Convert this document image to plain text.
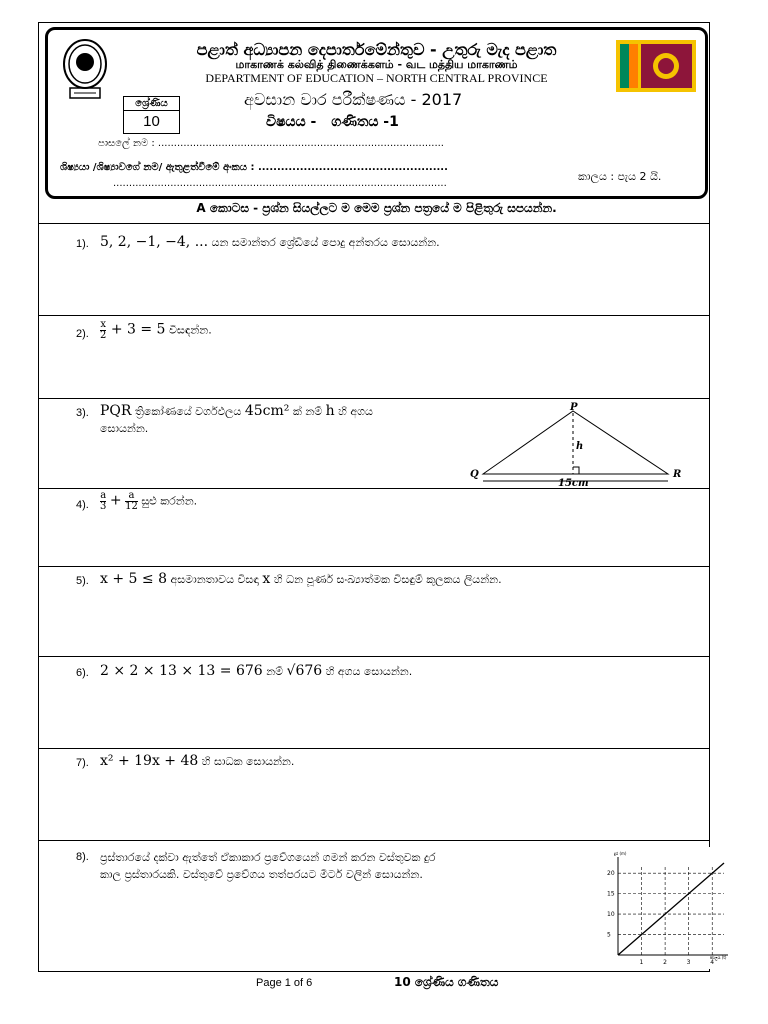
පළාත් අධ්‍යාපන දෙපාර්තමේන්තුව - උතුරු මැද පළාත
மாகாணக் கல்வித் திணைக்களம் - வட மத்திய மாகாணம்
DEPARTMENT OF EDUCATION – NORTH CENTRAL PROVINCE
ශ්‍රේණිය
10
අවසාන වාර පරීක්ෂණය - 2017
විෂයය - ගණිතය -1
පාසලේ නම : ..........................................................................................
ශිෂ්‍යයා /ශිෂ්‍යාවගේ නම/ ඇතුළත්වීමේ අංකය : ..................................................
.........................................................................................................
කාලය : පැය 2 යි.
A කොටස - ප්‍රශ්න සියල්ලට ම මෙම ප්‍රශ්න පත්‍රයේ ම පිළිතුරු සපයන්න.
1). 5, 2, −1, −4, ... යන සමාන්තර ශ්‍රේඩියේ පොදු අන්තරය සොයන්න.
2). $\frac{x}{2} + 3 = 5$ විසඳන්න.
3). PQR ත්‍රිකෝණයේ වර්ගඵලය 45cm² ක් නම් h හි අගය
සොයන්න.
P
Q	R
h
15cm
4). $\frac{a}{3} + \frac{a}{12}$ සුළු කරන්න.
5). x + 5 ≤ 8 අසමානතාවය විසඳා x හි ධන පූර්ණ සංඛ්‍යාත්මක විසඳුම් කුලකය ලියන්න.
6). 2 × 2 × 13 × 13 = 676 නම් √676 හි අගය සොයන්න.
7). x² + 19x + 48 හි සාධක සොයන්න.
8). ප්‍රස්තාරයේ දක්වා ඇත්තේ ඒකාකාර ප්‍රවේගයෙන් ගමන් කරන වස්තුවක දුර
කාල ප්‍රස්තාරයකි. වස්තුවේ ප්‍රවේගය තත්පරයට මීටර් වලින් සොයන්න.
1	2	3	4
5
10
15
20
කාලය (t)
දුර (m)
Page 1 of 6	10 ශ්‍රේණිය ගණිතය
